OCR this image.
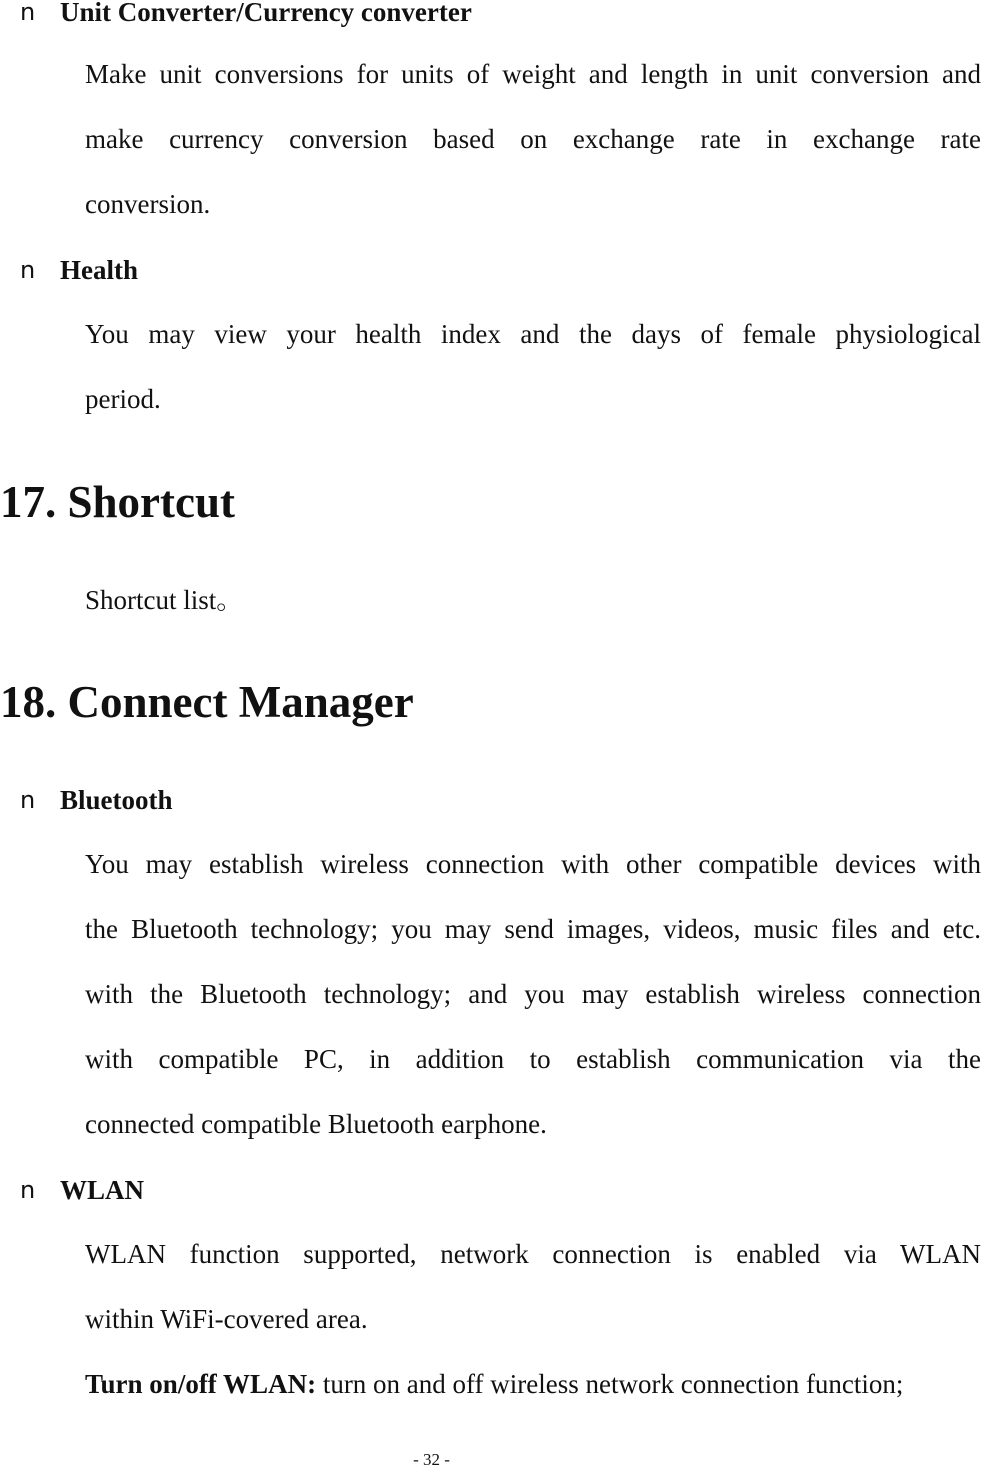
n Unit Converter/Currency converter
Make unit conversions for units of weight and length in unit conversion and
make currency conversion based on exchange rate in exchange rate
conversion.
n Health
You may view your health index and the days of female physiological
period.
17. Shortcut
Shortcut list。
18. Connect Manager
n Bluetooth
You may establish wireless connection with other compatible devices with
the Bluetooth technology; you may send images, videos, music files and etc.
with the Bluetooth technology; and you may establish wireless connection
with compatible PC, in addition to establish communication via the
connected compatible Bluetooth earphone.
n WLAN
WLAN function supported, network connection is enabled via WLAN
within WiFi-covered area.
Turn on/off WLAN: turn on and off wireless network connection function;
- 32 -
